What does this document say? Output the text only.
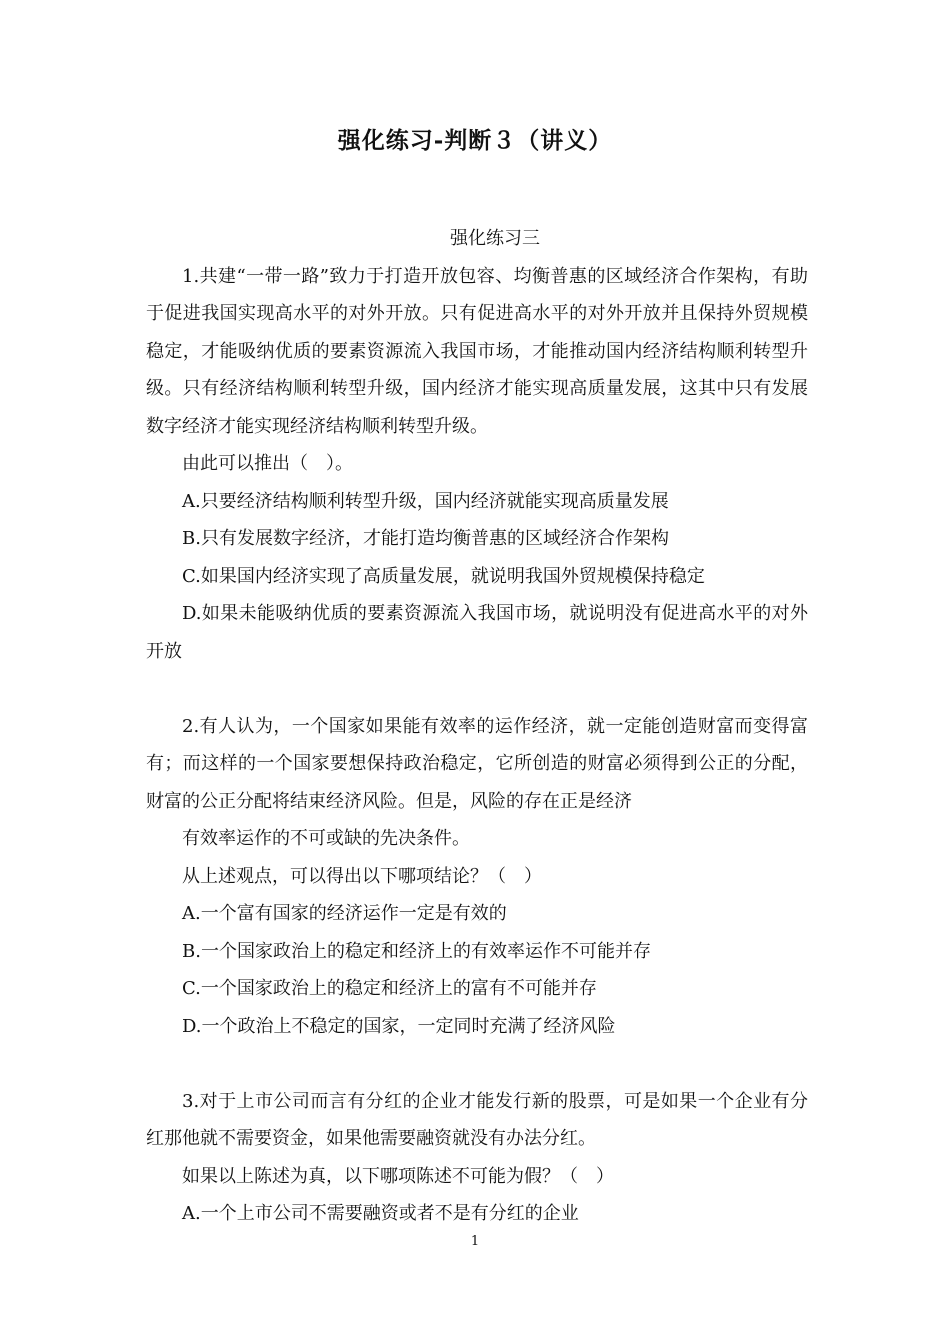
强化练习-判断３（讲义）

强化练习三

1.共建“一带一路”致力于打造开放包容、均衡普惠的区域经济合作架构，有助于促进我国实现高水平的对外开放。只有促进高水平的对外开放并且保持外贸规模稳定，才能吸纳优质的要素资源流入我国市场，才能推动国内经济结构顺利转型升级。只有经济结构顺利转型升级，国内经济才能实现高质量发展，这其中只有发展数字经济才能实现经济结构顺利转型升级。

由此可以推出（　）。

A.只要经济结构顺利转型升级，国内经济就能实现高质量发展

B.只有发展数字经济，才能打造均衡普惠的区域经济合作架构

C.如果国内经济实现了高质量发展，就说明我国外贸规模保持稳定

D.如果未能吸纳优质的要素资源流入我国市场，就说明没有促进高水平的对外开放

2.有人认为，一个国家如果能有效率的运作经济，就一定能创造财富而变得富有；而这样的一个国家要想保持政治稳定，它所创造的财富必须得到公正的分配，财富的公正分配将结束经济风险。但是，风险的存在正是经济

有效率运作的不可或缺的先决条件。

从上述观点，可以得出以下哪项结论？（　）

A.一个富有国家的经济运作一定是有效的

B.一个国家政治上的稳定和经济上的有效率运作不可能并存

C.一个国家政治上的稳定和经济上的富有不可能并存

D.一个政治上不稳定的国家，一定同时充满了经济风险

3.对于上市公司而言有分红的企业才能发行新的股票，可是如果一个企业有分红那他就不需要资金，如果他需要融资就没有办法分红。

如果以上陈述为真，以下哪项陈述不可能为假？（　）

A.一个上市公司不需要融资或者不是有分红的企业

1
